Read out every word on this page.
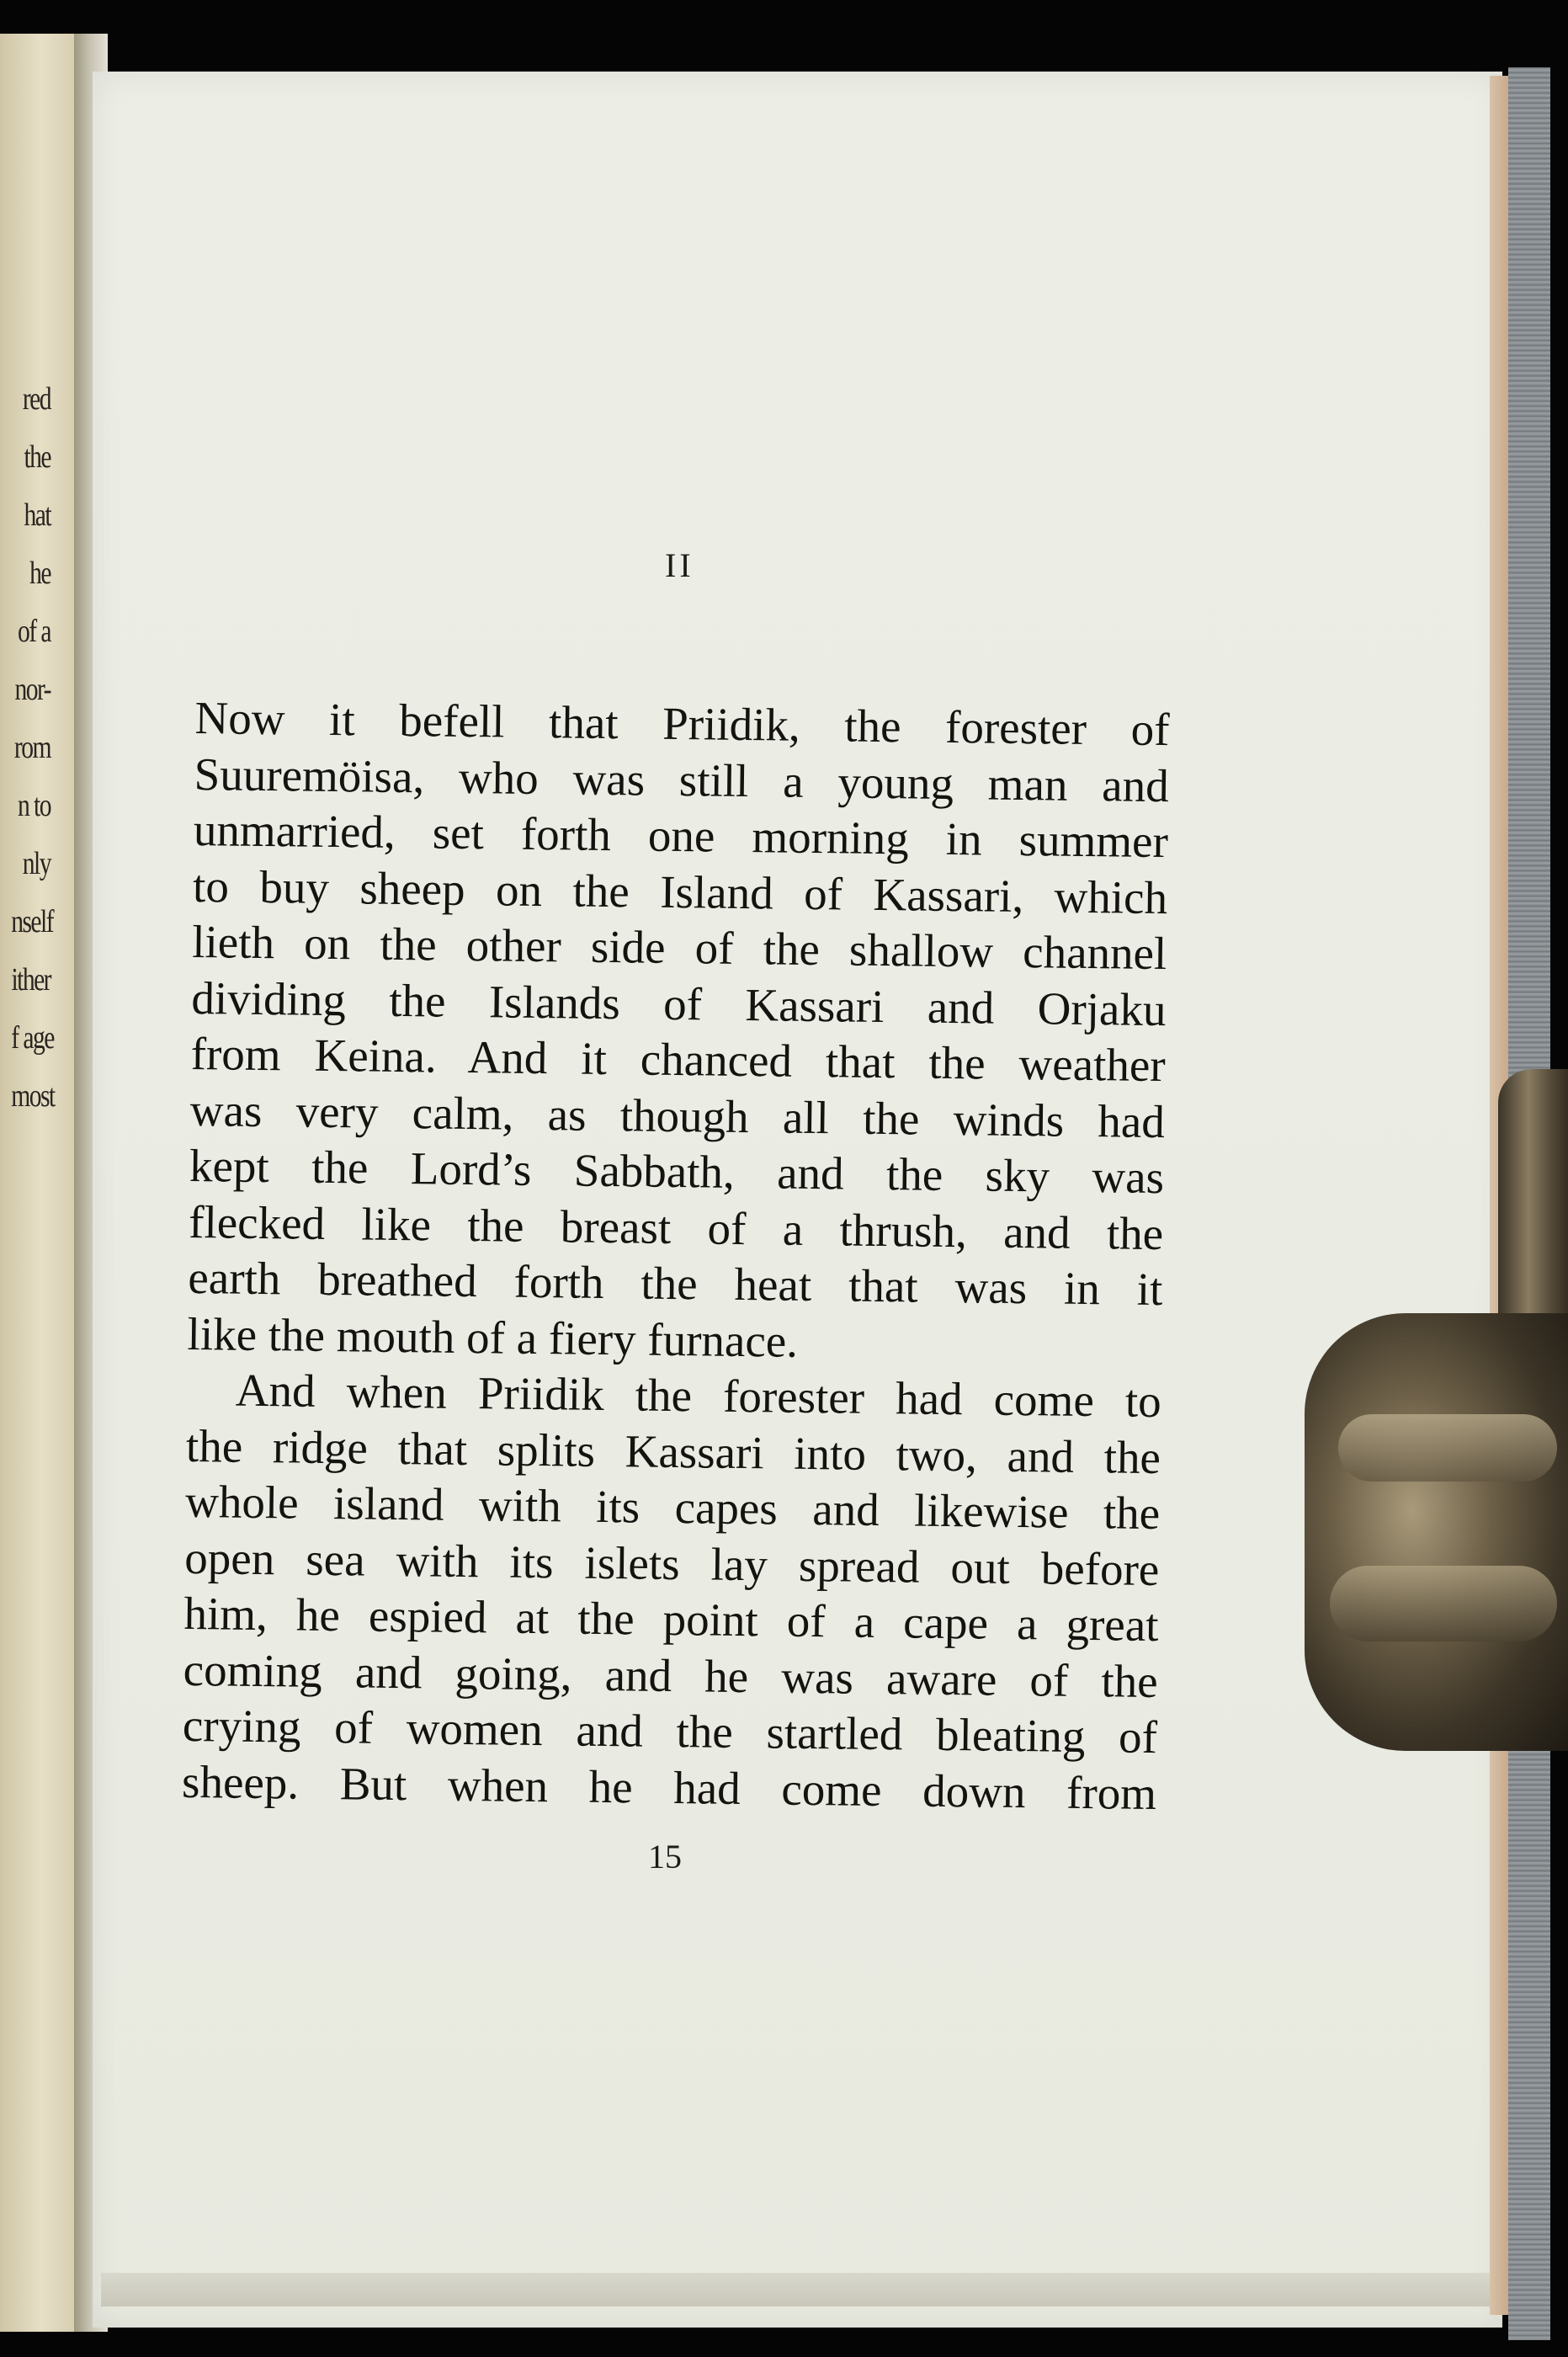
red
the
hat
he
of a
nor-
rom
n to
nly
nself
ither
f age
most
II
Now it befell that Priidik, the forester of
Suuremöisa, who was still a young man and
unmarried, set forth one morning in summer
to buy sheep on the Island of Kassari, which
lieth on the other side of the shallow channel
dividing the Islands of Kassari and Orjaku
from Keina. And it chanced that the weather
was very calm, as though all the winds had
kept the Lord’s Sabbath, and the sky was
flecked like the breast of a thrush, and the
earth breathed forth the heat that was in it
like the mouth of a fiery furnace.
And when Priidik the forester had come to
the ridge that splits Kassari into two, and the
whole island with its capes and likewise the
open sea with its islets lay spread out before
him, he espied at the point of a cape a great
coming and going, and he was aware of the
crying of women and the startled bleating of
sheep. But when he had come down from
15
